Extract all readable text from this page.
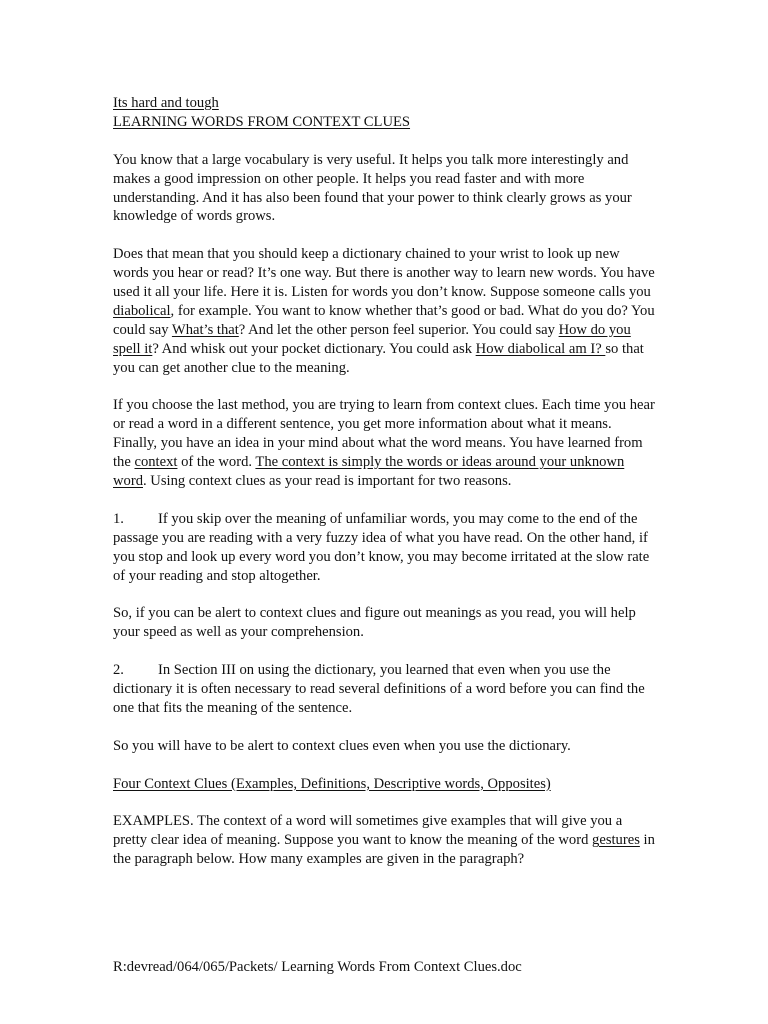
Its hard and tough
LEARNING WORDS FROM CONTEXT CLUES

You know that a large vocabulary is very useful. It helps you talk more interestingly and makes a good impression on other people. It helps you read faster and with more understanding. And it has also been found that your power to think clearly grows as your knowledge of words grows.

Does that mean that you should keep a dictionary chained to your wrist to look up new words you hear or read? It’s one way. But there is another way to learn new words. You have used it all your life. Here it is. Listen for words you don’t know. Suppose someone calls you diabolical, for example. You want to know whether that’s good or bad. What do you do? You could say What’s that? And let the other person feel superior. You could say How do you spell it? And whisk out your pocket dictionary. You could ask How diabolical am I? so that you can get another clue to the meaning.

If you choose the last method, you are trying to learn from context clues. Each time you hear or read a word in a different sentence, you get more information about what it means. Finally, you have an idea in your mind about what the word means. You have learned from the context of the word. The context is simply the words or ideas around your unknown word. Using context clues as your read is important for two reasons.

1. If you skip over the meaning of unfamiliar words, you may come to the end of the passage you are reading with a very fuzzy idea of what you have read. On the other hand, if you stop and look up every word you don’t know, you may become irritated at the slow rate of your reading and stop altogether.

So, if you can be alert to context clues and figure out meanings as you read, you will help your speed as well as your comprehension.

2. In Section III on using the dictionary, you learned that even when you use the dictionary it is often necessary to read several definitions of a word before you can find the one that fits the meaning of the sentence.

So you will have to be alert to context clues even when you use the dictionary.

Four Context Clues (Examples, Definitions, Descriptive words, Opposites)

EXAMPLES. The context of a word will sometimes give examples that will give you a pretty clear idea of meaning. Suppose you want to know the meaning of the word gestures in the paragraph below. How many examples are given in the paragraph?

R:devread/064/065/Packets/ Learning Words From Context Clues.doc
